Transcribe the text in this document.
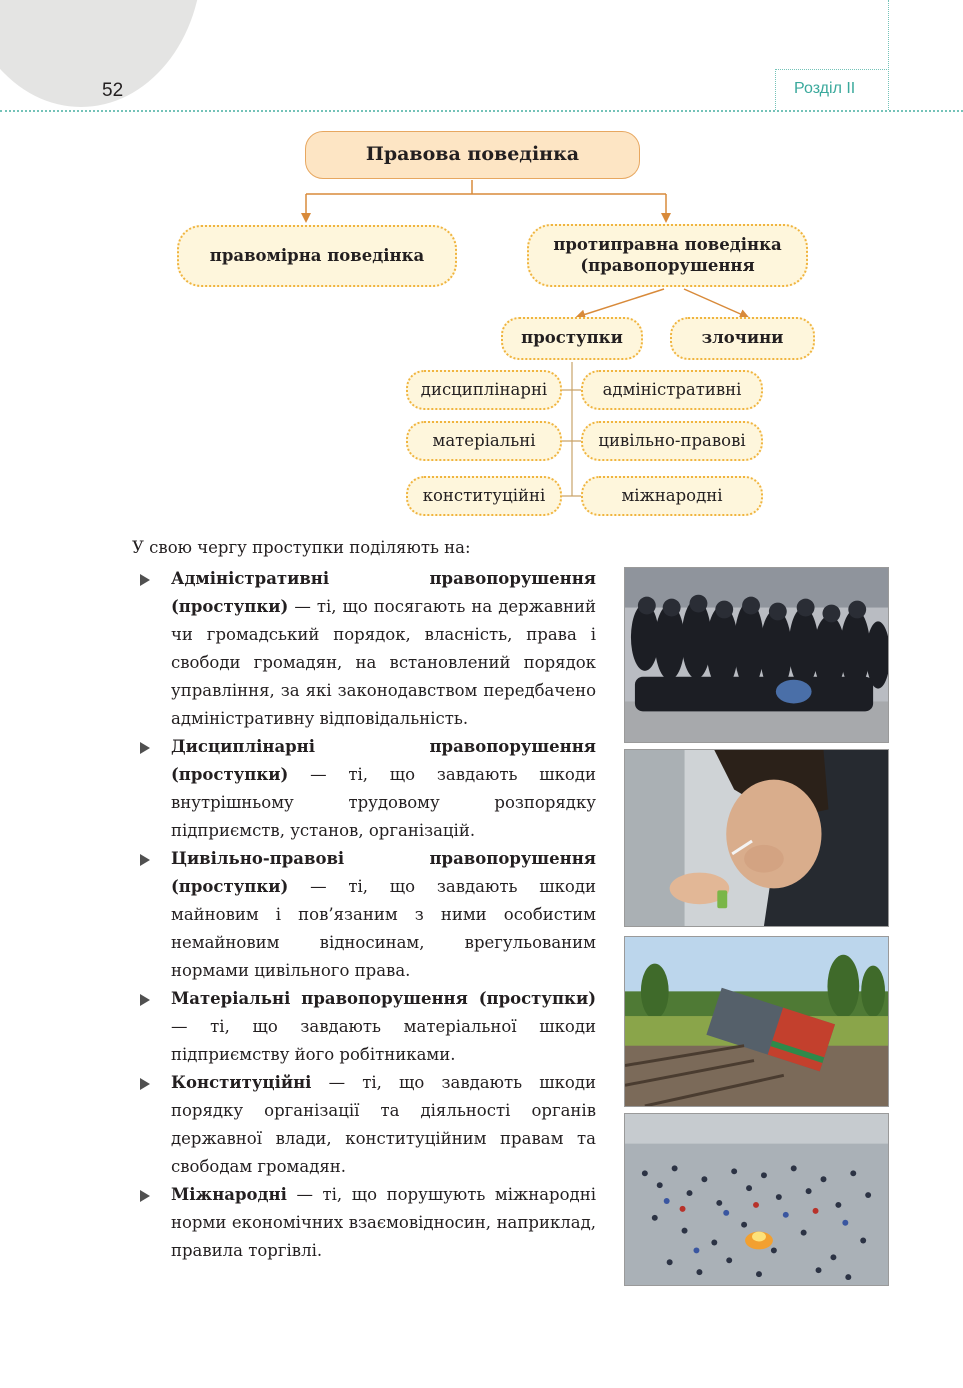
52	Розділ II
Правова поведінка
правомірна поведінка
протиправна поведінка
(правопорушення
проступки	злочини
дисциплінарні	адміністративні
матеріальні	цивільно-правові
конституційні	міжнародні
У свою чергу проступки поділяють на:
Адміністративні правопорушення (проступки) — ті, що посягають на державний чи громадський порядок, власність, права і свободи громадян, на встановлений порядок управління, за які законодавством передбачено адміністративну відповідальність.
Дисциплінарні правопорушення (проступки) — ті, що завдають шкоди внутрішньому трудовому розпорядку підприємств, установ, організацій.
Цивільно-правові правопорушення (проступки) — ті, що завдають шкоди майновим і пов’язаним з ними особистим немайновим відносинам, врегульованим нормами цивільного права.
Матеріальні правопорушення (проступки) — ті, що завдають матеріальної шкоди підприємству його робітниками.
Конституційні — ті, що завдають шкоди порядку організації та діяльності органів державної влади, конституційним правам та свободам громадян.
Міжнародні — ті, що порушують міжнародні норми економічних взаємовідносин, наприклад, правила торгівлі.
